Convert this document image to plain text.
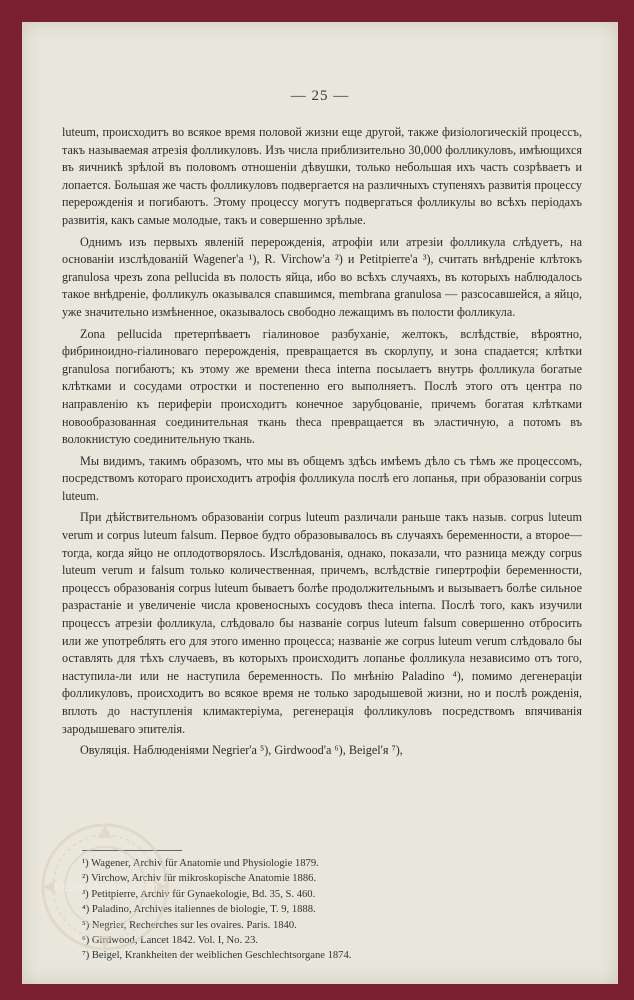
— 25 —

luteum, происходитъ во всякое время половой жизни еще другой, также физіологическій процессъ, такъ называемая атрезія фолликуловъ. Изъ числа приблизительно 30,000 фолликуловъ, имѣющихся въ яичникѣ зрѣлой въ половомъ отношеніи дѣвушки, только небольшая ихъ часть созрѣваетъ и лопается. Большая же часть фолликуловъ подвергается на различныхъ ступеняхъ развитія процессу перерожденія и погибаютъ. Этому процессу могутъ подвергаться фолликулы во всѣхъ періодахъ развитія, какъ самые молодые, такъ и совершенно зрѣлые.

Однимъ изъ первыхъ явленій перерожденія, атрофіи или атрезіи фолликула слѣдуетъ, на основаніи изслѣдованій Wagener'а ¹), R. Virchow'а ²) и Petitpierre'а ³), считать внѣдреніе клѣтокъ granulosa чрезъ zona pellucida въ полость яйца, ибо во всѣхъ случаяхъ, въ которыхъ наблюдалось такое внѣдреніе, фолликулъ оказывался спавшимся, membrana granulosa — разсосавшейся, а яйцо, уже значительно измѣненное, оказывалось свободно лежащимъ въ полости фолликула.

Zona pellucida претерпѣваетъ гіалиновое разбуханіе, желтокъ, вслѣдствіе, вѣроятно, фибриноидно-гіалиноваго перерожденія, превращается въ скорлупу, и зона спадается; клѣтки granulosa погибаютъ; къ этому же времени theca interna посылаетъ внутрь фолликула богатые клѣтками и сосудами отростки и постепенно его выполняетъ. Послѣ этого отъ центра по направленію къ периферіи происходитъ конечное зарубцованіе, причемъ богатая клѣтками новообразованная соединительная ткань theca превращается въ эластичную, а потомъ въ волокнистую соединительную ткань.

Мы видимъ, такимъ образомъ, что мы въ общемъ здѣсь имѣемъ дѣло съ тѣмъ же процессомъ, посредствомъ котораго происходитъ атрофія фолликула послѣ его лопанья, при образованіи corpus luteum.

При дѣйствительномъ образованіи corpus luteum различали раньше такъ назыв. corpus luteum verum и corpus luteum falsum. Первое будто образовывалось въ случаяхъ беременности, а второе—тогда, когда яйцо не оплодотворялось. Изслѣдованія, однако, показали, что разница между corpus luteum verum и falsum только количественная, причемъ, вслѣдствіе гипертрофіи беременности, процессъ образованія corpus luteum бываетъ болѣе продолжительнымъ и вызываетъ болѣе сильное разрастаніе и увеличеніе числа кровеносныхъ сосудовъ theca interna. Послѣ того, какъ изучили процессъ атрезіи фолликула, слѣдовало бы названіе corpus luteum falsum совершенно отбросить или же употреблять его для этого именно процесса; названіе же corpus luteum verum слѣдовало бы оставлять для тѣхъ случаевъ, въ которыхъ происходитъ лопаньe фолликула независимо отъ того, наступила-ли или не наступила беременность. По мнѣнію Paladino ⁴), помимо дегенераціи фолликуловъ, происходитъ во всякое время не только зародышевой жизни, но и послѣ рожденія, вплоть до наступленія климактеріума, регенерація фолликуловъ посредствомъ впячиванія зародышеваго эпителія.

Овуляція. Наблюденіями Negrier'а ⁵), Girdwood'а ⁶), Beigel'я ⁷),

¹) Wagener, Archiv für Anatomie und Physiologie 1879.
²) Virchow, Archiv für mikroskopische Anatomie 1886.
³) Petitpierre, Archiv für Gynaekologie, Bd. 35, S. 460.
⁴) Paladino, Archives italiennes de biologie, T. 9, 1888.
⁵) Negrier, Recherches sur les ovaires. Paris. 1840.
⁶) Girdwood, Lancet 1842. Vol. I, No. 23.
⁷) Beigel, Krankheiten der weiblichen Geschlechtsorgane 1874.
Katia Market.com
